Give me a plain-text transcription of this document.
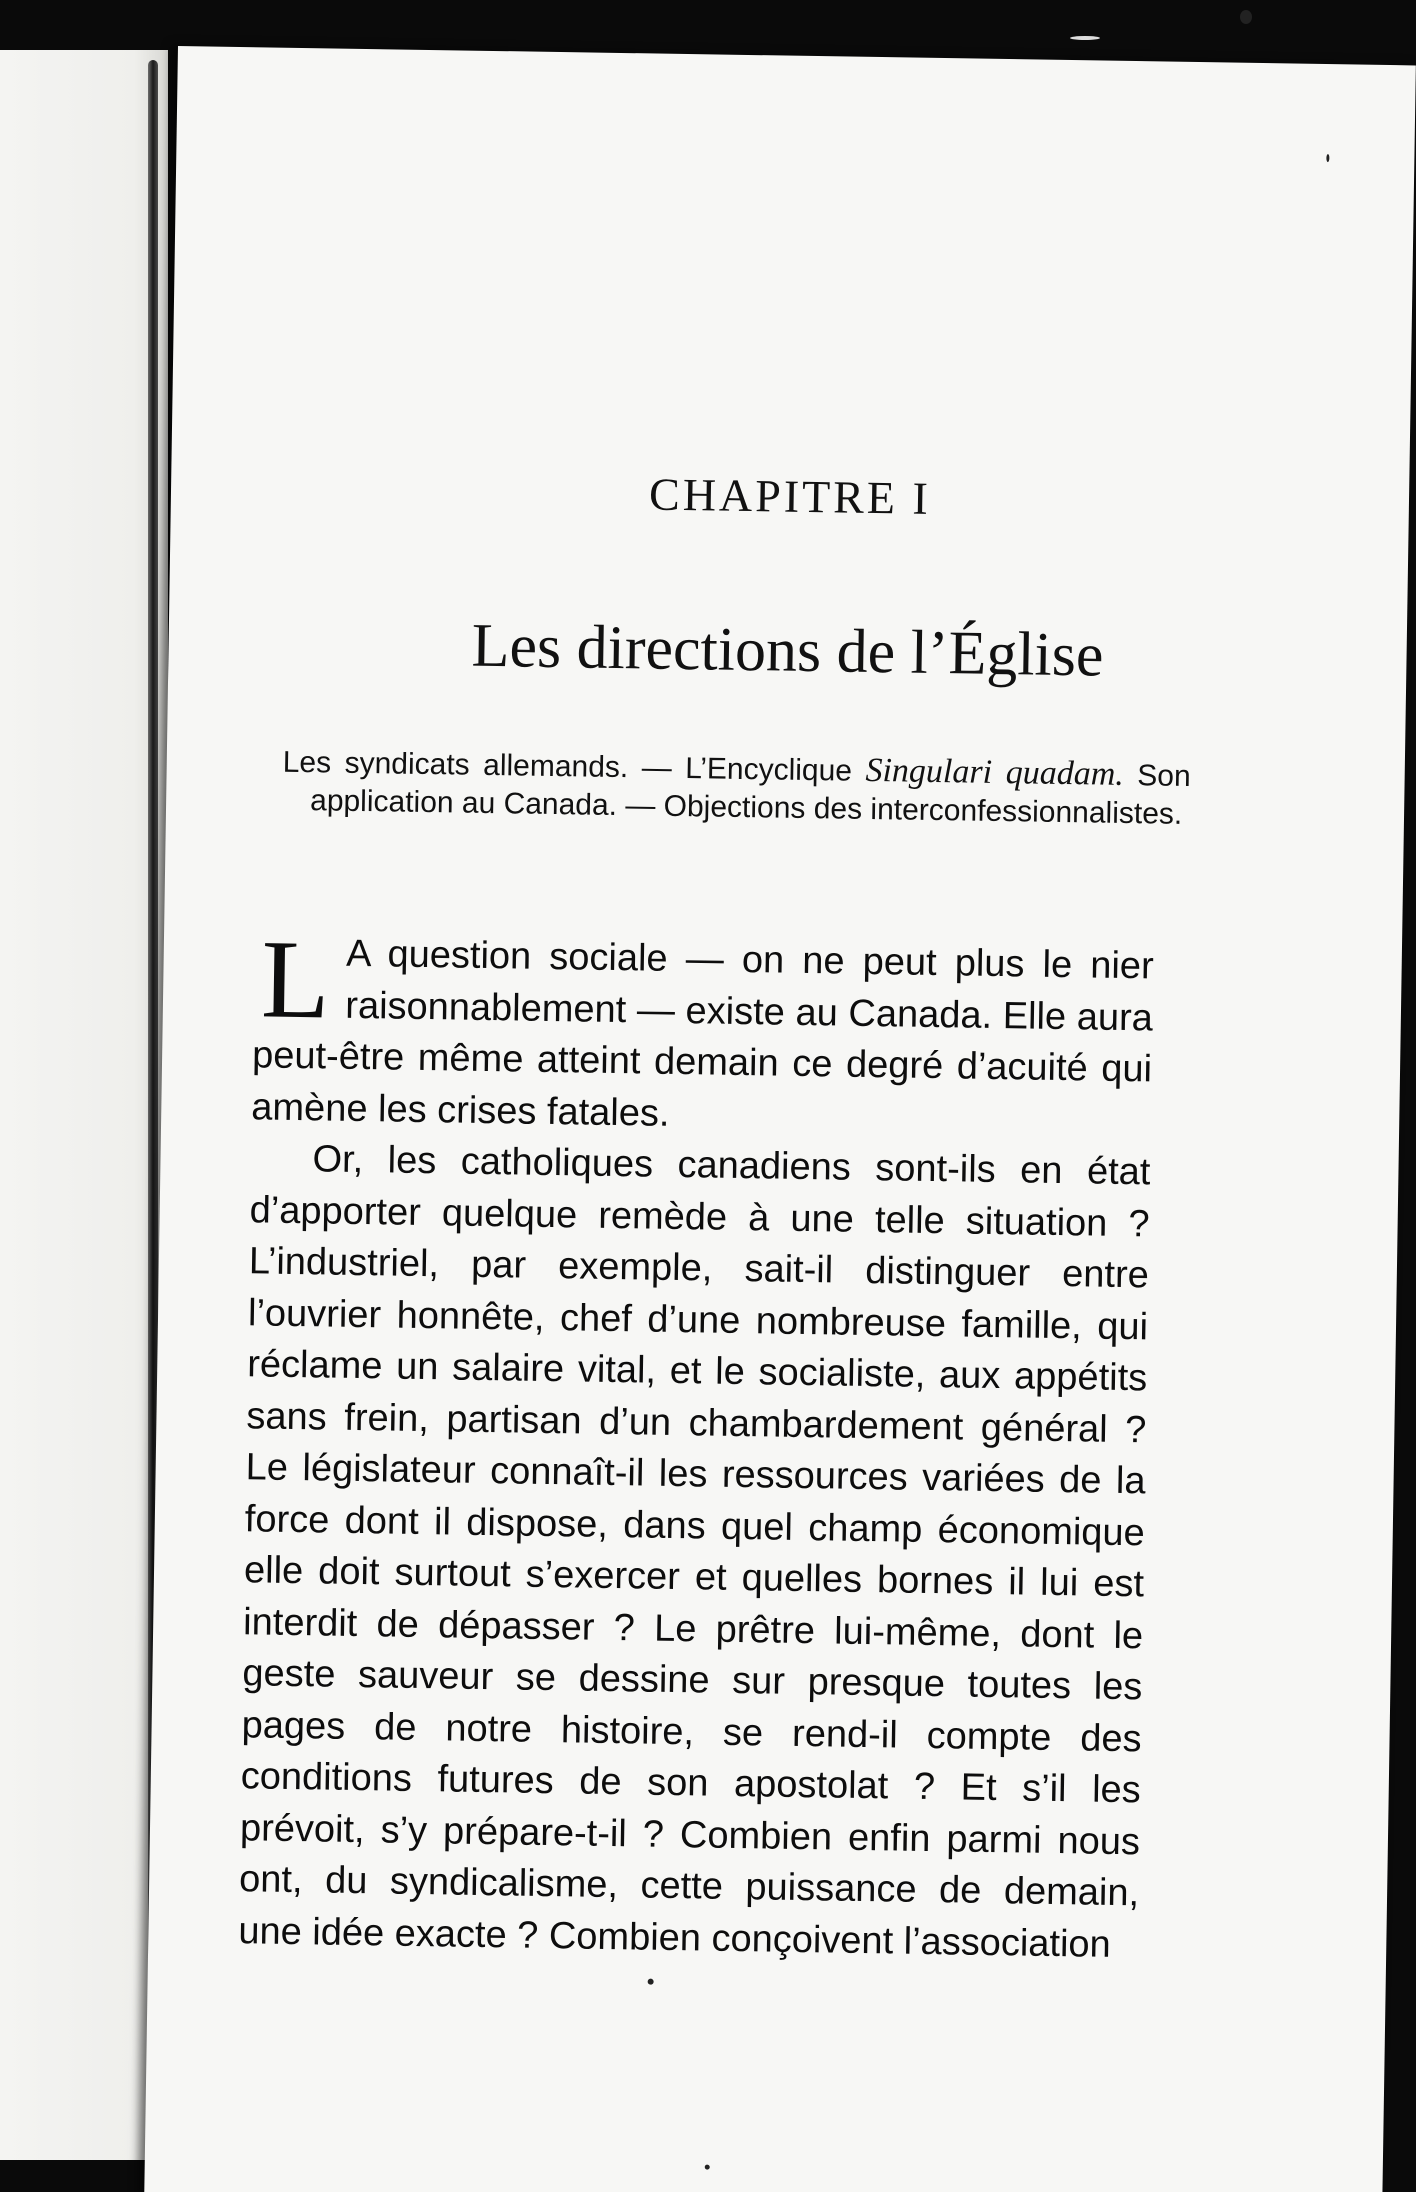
CHAPITRE I
Les directions de l’Église
Les syndicats allemands. — L’Encyclique Singulari quadam. Son application au Canada. — Objections des interconfessionnalistes.

L A question sociale — on ne peut plus le nier raisonnablement — existe au Canada. Elle aura peut-être même atteint demain ce degré d’acuité qui amène les crises fatales.

Or, les catholiques canadiens sont-ils en état d’apporter quelque remède à une telle situation ? L’industriel, par exemple, sait-il distinguer entre l’ouvrier honnête, chef d’une nombreuse famille, qui réclame un salaire vital, et le socialiste, aux appétits sans frein, partisan d’un chambardement général ? Le législateur connaît-il les ressources variées de la force dont il dispose, dans quel champ économique elle doit surtout s’exercer et quelles bornes il lui est interdit de dépasser ? Le prêtre lui-même, dont le geste sauveur se dessine sur presque toutes les pages de notre histoire, se rend-il compte des conditions futures de son apostolat ? Et s’il les prévoit, s’y prépare-t-il ? Combien enfin parmi nous ont, du syndicalisme, cette puissance de demain, une idée exacte ? Combien conçoivent l’association
